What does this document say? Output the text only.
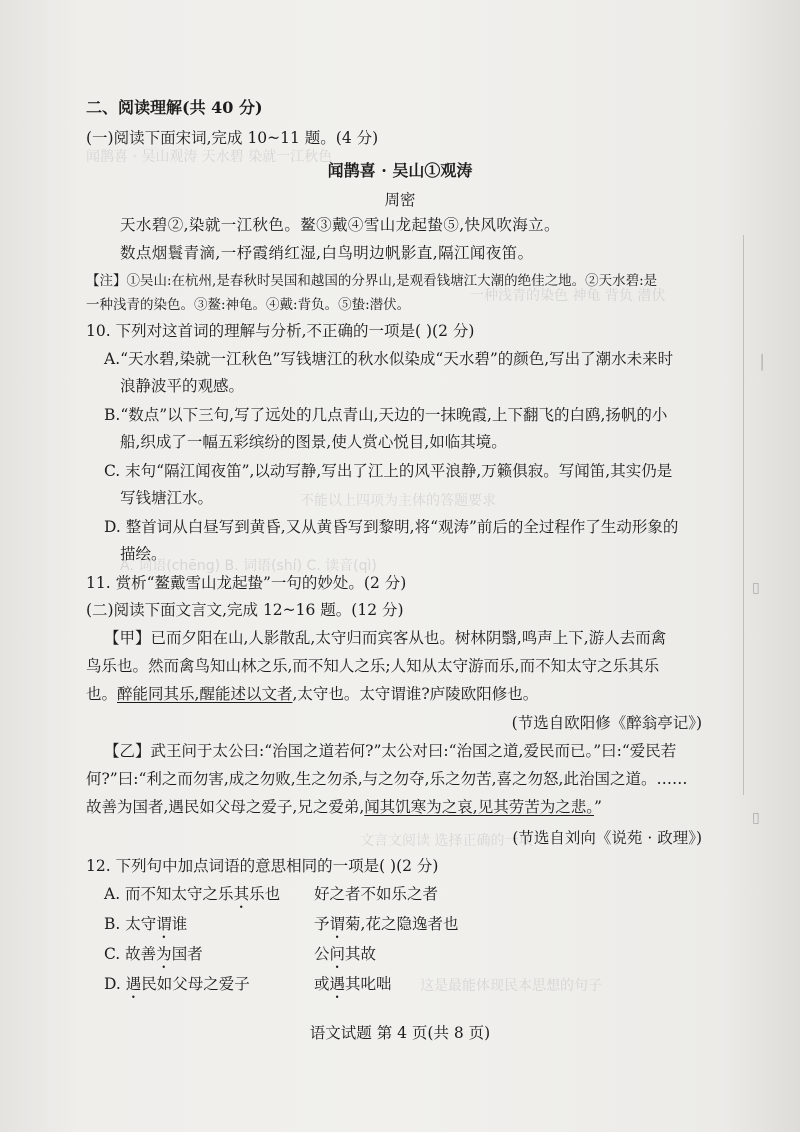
闻鹊喜 · 吴山观涛 天水碧 染就一江秋色
一种浅青的染色 神龟 背负 潜伏
不能以上四项为主体的答题要求
A. 词语(chēng) B. 词语(shí) C. 读音(qì)
文言文阅读 选择正确的一项
这是最能体现民本思想的句子
│
▯
▯
二、阅读理解(共 40 分)
(一)阅读下面宋词,完成 10~11 题。(4 分)
闻鹊喜 · 吴山①观涛
周密
天水碧②,染就一江秋色。鳌③戴④雪山龙起蛰⑤,快风吹海立。
数点烟鬟青滴,一杼霞绡红湿,白鸟明边帆影直,隔江闻夜笛。
【注】①吴山:在杭州,是春秋时吴国和越国的分界山,是观看钱塘江大潮的绝佳之地。②天水碧:是
一种浅青的染色。③鳌:神龟。④戴:背负。⑤蛰:潜伏。
10. 下列对这首词的理解与分析,不正确的一项是( )(2 分)
A.“天水碧,染就一江秋色”写钱塘江的秋水似染成“天水碧”的颜色,写出了潮水未来时
浪静波平的观感。
B.“数点”以下三句,写了远处的几点青山,天边的一抹晚霞,上下翻飞的白鸥,扬帆的小
船,织成了一幅五彩缤纷的图景,使人赏心悦目,如临其境。
C. 末句“隔江闻夜笛”,以动写静,写出了江上的风平浪静,万籁俱寂。写闻笛,其实仍是
写钱塘江水。
D. 整首词从白昼写到黄昏,又从黄昏写到黎明,将“观涛”前后的全过程作了生动形象的
描绘。
11. 赏析“鳌戴雪山龙起蛰”一句的妙处。(2 分)
(二)阅读下面文言文,完成 12~16 题。(12 分)
【甲】已而夕阳在山,人影散乱,太守归而宾客从也。树林阴翳,鸣声上下,游人去而禽
鸟乐也。然而禽鸟知山林之乐,而不知人之乐;人知从太守游而乐,而不知太守之乐其乐
也。醉能同其乐,醒能述以文者,太守也。太守谓谁?庐陵欧阳修也。
(节选自欧阳修《醉翁亭记》)
【乙】武王问于太公曰:“治国之道若何?”太公对曰:“治国之道,爱民而已。”曰:“爱民若
何?”曰:“利之而勿害,成之勿败,生之勿杀,与之勿夺,乐之勿苦,喜之勿怒,此治国之道。……
故善为国者,遇民如父母之爱子,兄之爱弟,闻其饥寒为之哀,见其劳苦为之悲。”
(节选自刘向《说苑 · 政理》)
12. 下列句中加点词语的意思相同的一项是( )(2 分)
A. 而不知太守之乐其乐也 好之者不如乐之者
B. 太守谓谁	予谓菊,花之隐逸者也
C. 故善为国者	公问其故
D. 遇民如父母之爱子	或遇其叱咄
语文试题 第 4 页(共 8 页)
